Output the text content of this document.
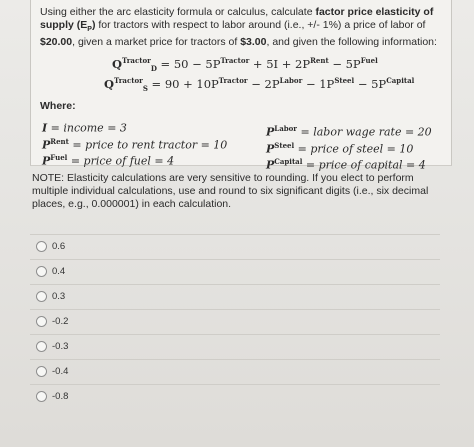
Using either the arc elasticity formula or calculus, calculate factor price elasticity of supply $(E_P)$ for tractors with respect to labor around (i.e., +/- 1%) a price of labor of $20.00, given a market price for tractors of $3.00, and given the following information:
$Q^{Tractor}_D = 50 - 5P^{Tractor} + 5I + 2P^{Rent} - 5P^{Fuel}$
$Q^{Tractor}_S = 90 + 10P^{Tractor} - 2P^{Labor} - 1P^{Steel} - 5P^{Capital}$
Where:
I = income = 3
$P^{Rent}$ = price to rent tractor = 10
$P^{Fuel}$ = price of fuel = 4
$P^{Labor}$ = labor wage rate = 20
$P^{Steel}$ = price of steel = 10
$P^{Capital}$ = price of capital = 4
NOTE: Elasticity calculations are very sensitive to rounding. If you elect to perform multiple individual calculations, use and round to six significant digits (i.e., six decimal places, e.g., 0.000001) in each calculation.
0.6
0.4
0.3
-0.2
-0.3
-0.4
-0.8
